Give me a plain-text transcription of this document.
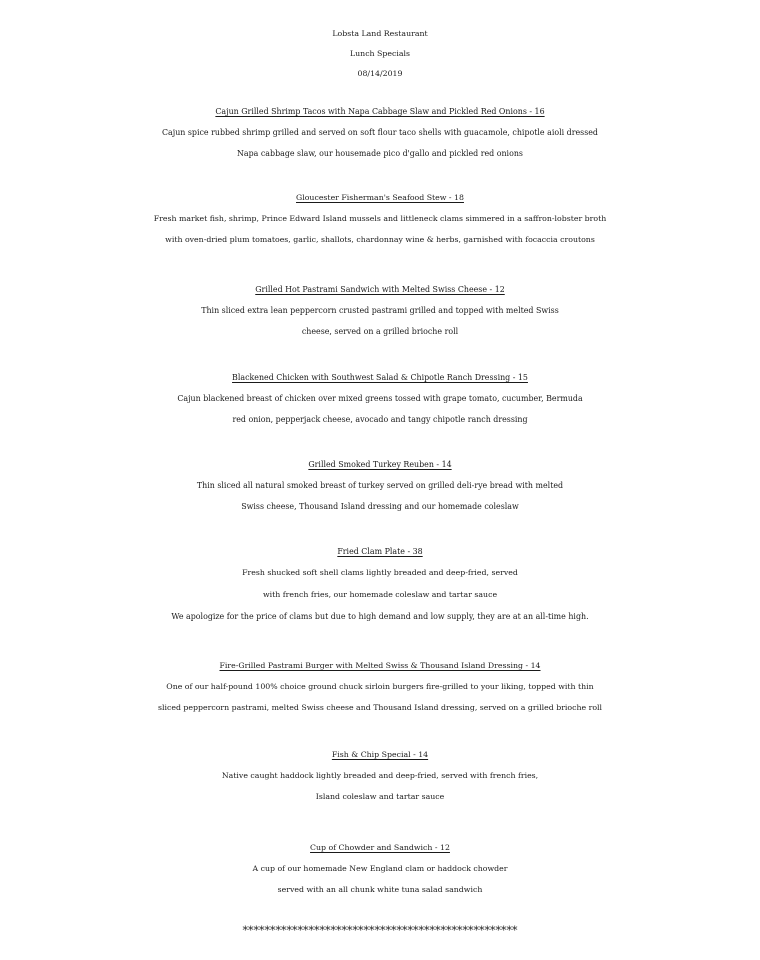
Lobsta Land Restaurant
Lunch Specials
08/14/2019
Cajun Grilled Shrimp Tacos with Napa Cabbage Slaw and Pickled Red Onions - 16
Cajun spice rubbed shrimp grilled and served on soft flour taco shells with guacamole, chipotle aioli dressed
Napa cabbage slaw, our housemade pico d'gallo and pickled red onions
Gloucester Fisherman's Seafood Stew - 18
Fresh market fish, shrimp, Prince Edward Island mussels and littleneck clams simmered in a saffron-lobster broth
with oven-dried plum tomatoes, garlic, shallots, chardonnay wine & herbs, garnished with focaccia croutons
Grilled Hot Pastrami Sandwich with Melted Swiss Cheese - 12
Thin sliced extra lean peppercorn crusted pastrami grilled and topped with melted Swiss
cheese, served on a grilled brioche roll
Blackened Chicken with Southwest Salad & Chipotle Ranch Dressing - 15
Cajun blackened breast of chicken over mixed greens tossed with grape tomato, cucumber, Bermuda
red onion, pepperjack cheese, avocado and tangy chipotle ranch dressing
Grilled Smoked Turkey Reuben - 14
Thin sliced all natural smoked breast of turkey served on grilled deli-rye bread with melted
Swiss cheese, Thousand Island dressing and our homemade coleslaw
Fried Clam Plate - 38
Fresh shucked soft shell clams lightly breaded and deep-fried, served
with french fries, our homemade coleslaw and tartar sauce
We apologize for the price of clams but due to high demand and low supply, they are at an all-time high.
Fire-Grilled Pastrami Burger with Melted Swiss & Thousand Island Dressing - 14
One of our half-pound 100% choice ground chuck sirloin burgers fire-grilled to your liking, topped with thin
sliced peppercorn pastrami, melted Swiss cheese and Thousand Island dressing, served on a grilled brioche roll
Fish & Chip Special - 14
Native caught haddock lightly breaded and deep-fried, served with french fries,
Island coleslaw and tartar sauce
Cup of Chowder and Sandwich - 12
A cup of our homemade New England clam or haddock chowder
served with an all chunk white tuna salad sandwich
**************************************************
